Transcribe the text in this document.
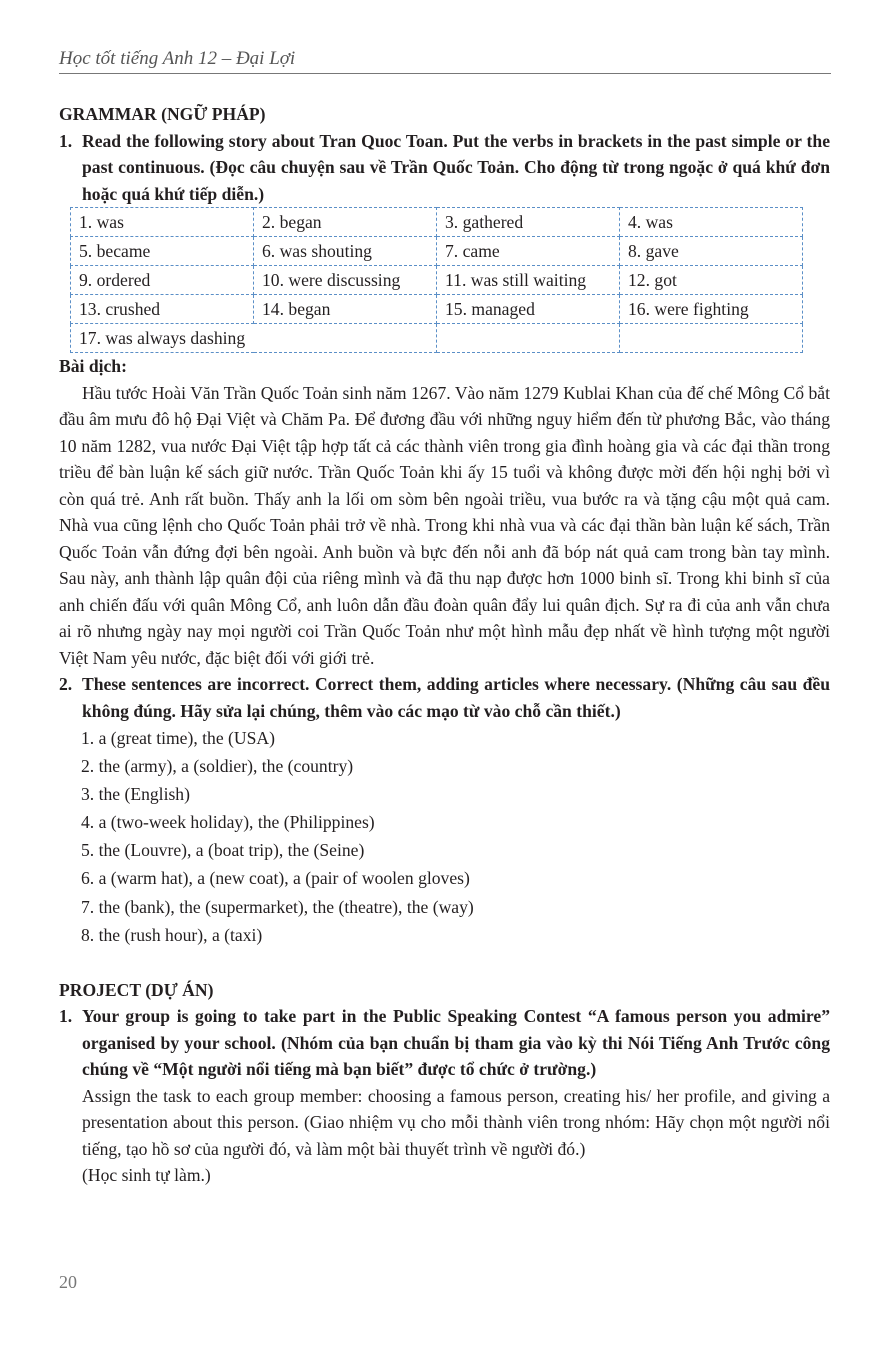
Học tốt tiếng Anh 12 – Đại Lợi

GRAMMAR (NGỮ PHÁP)

1. Read the following story about Tran Quoc Toan. Put the verbs in brackets in the past simple or the past continuous. (Đọc câu chuyện sau về Trần Quốc Toản. Cho động từ trong ngoặc ở quá khứ đơn hoặc quá khứ tiếp diễn.)
1. was	2. began	3. gathered	4. was
5. became	6. was shouting	7. came	8. gave
9. ordered	10. were discussing	11. was still waiting	12. got
13. crushed	14. began	15. managed	16. were fighting
17. was always dashing			

Bài dịch:

Hầu tước Hoài Văn Trần Quốc Toản sinh năm 1267. Vào năm 1279 Kublai Khan của đế chế Mông Cổ bắt đầu âm mưu đô hộ Đại Việt và Chăm Pa. Để đương đầu với những nguy hiểm đến từ phương Bắc, vào tháng 10 năm 1282, vua nước Đại Việt tập hợp tất cả các thành viên trong gia đình hoàng gia và các đại thần trong triều để bàn luận kế sách giữ nước. Trần Quốc Toản khi ấy 15 tuổi và không được mời đến hội nghị bởi vì còn quá trẻ. Anh rất buồn. Thấy anh la lối om sòm bên ngoài triều, vua bước ra và tặng cậu một quả cam. Nhà vua cũng lệnh cho Quốc Toản phải trở về nhà. Trong khi nhà vua và các đại thần bàn luận kế sách, Trần Quốc Toản vẫn đứng đợi bên ngoài. Anh buồn và bực đến nỗi anh đã bóp nát quả cam trong bàn tay mình. Sau này, anh thành lập quân đội của riêng mình và đã thu nạp được hơn 1000 binh sĩ. Trong khi binh sĩ của anh chiến đấu với quân Mông Cổ, anh luôn dẫn đầu đoàn quân đẩy lui quân địch. Sự ra đi của anh vẫn chưa ai rõ nhưng ngày nay mọi người coi Trần Quốc Toản như một hình mẫu đẹp nhất về hình tượng một người Việt Nam yêu nước, đặc biệt đối với giới trẻ.

2. These sentences are incorrect. Correct them, adding articles where necessary. (Những câu sau đều không đúng. Hãy sửa lại chúng, thêm vào các mạo từ vào chỗ cần thiết.)
1. a (great time), the (USA)
2. the (army), a (soldier), the (country)
3. the (English)
4. a (two-week holiday), the (Philippines)
5. the (Louvre), a (boat trip), the (Seine)
6. a (warm hat), a (new coat), a (pair of woolen gloves)
7. the (bank), the (supermarket), the (theatre), the (way)
8. the (rush hour), a (taxi)

PROJECT (DỰ ÁN)

1. Your group is going to take part in the Public Speaking Contest “A famous person you admire” organised by your school. (Nhóm của bạn chuẩn bị tham gia vào kỳ thi Nói Tiếng Anh Trước công chúng về “Một người nổi tiếng mà bạn biết” được tổ chức ở trường.)
Assign the task to each group member: choosing a famous person, creating his/ her profile, and giving a presentation about this person. (Giao nhiệm vụ cho mỗi thành viên trong nhóm: Hãy chọn một người nổi tiếng, tạo hồ sơ của người đó, và làm một bài thuyết trình về người đó.)
(Học sinh tự làm.)
20
